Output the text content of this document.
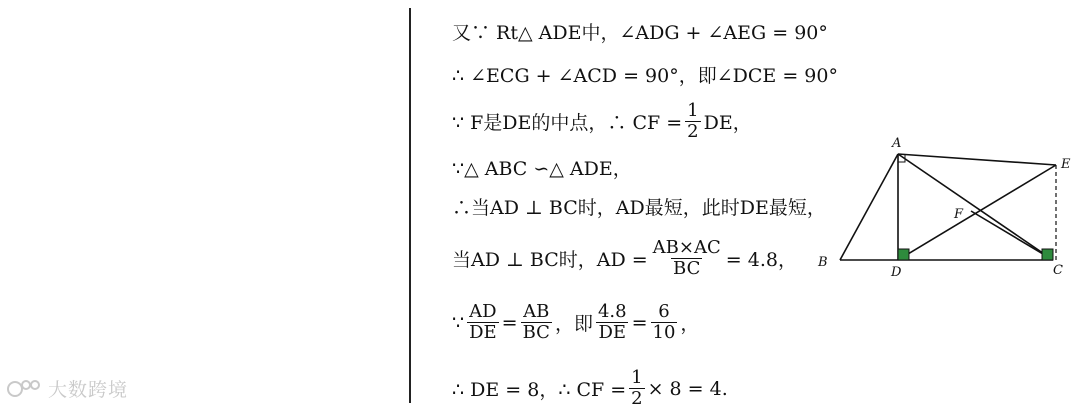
大数跨境
又∵ Rt△ ADE中，∠ADG + ∠AEG = 90°
∴ ∠ECG + ∠ACD = 90°，即∠DCE = 90°
∵ F是DE的中点，∴ CF = $\frac{1}{2}$ DE，
∵△ ABC ∽△ ADE，
∴当AD ⊥ BC时，AD最短，此时DE最短，
当AD ⊥ BC时，AD = $\frac{AB\times AC}{BC} = 4.8$，
∵ $\frac{AD}{DE} = \frac{AB}{BC}$ ，即 $\frac{4.8}{DE} = \frac{6}{10}$ ，
∴ DE = 8，∴ CF = $\frac{1}{2} \times 8 = 4$.
A
B
C
D
E
F
